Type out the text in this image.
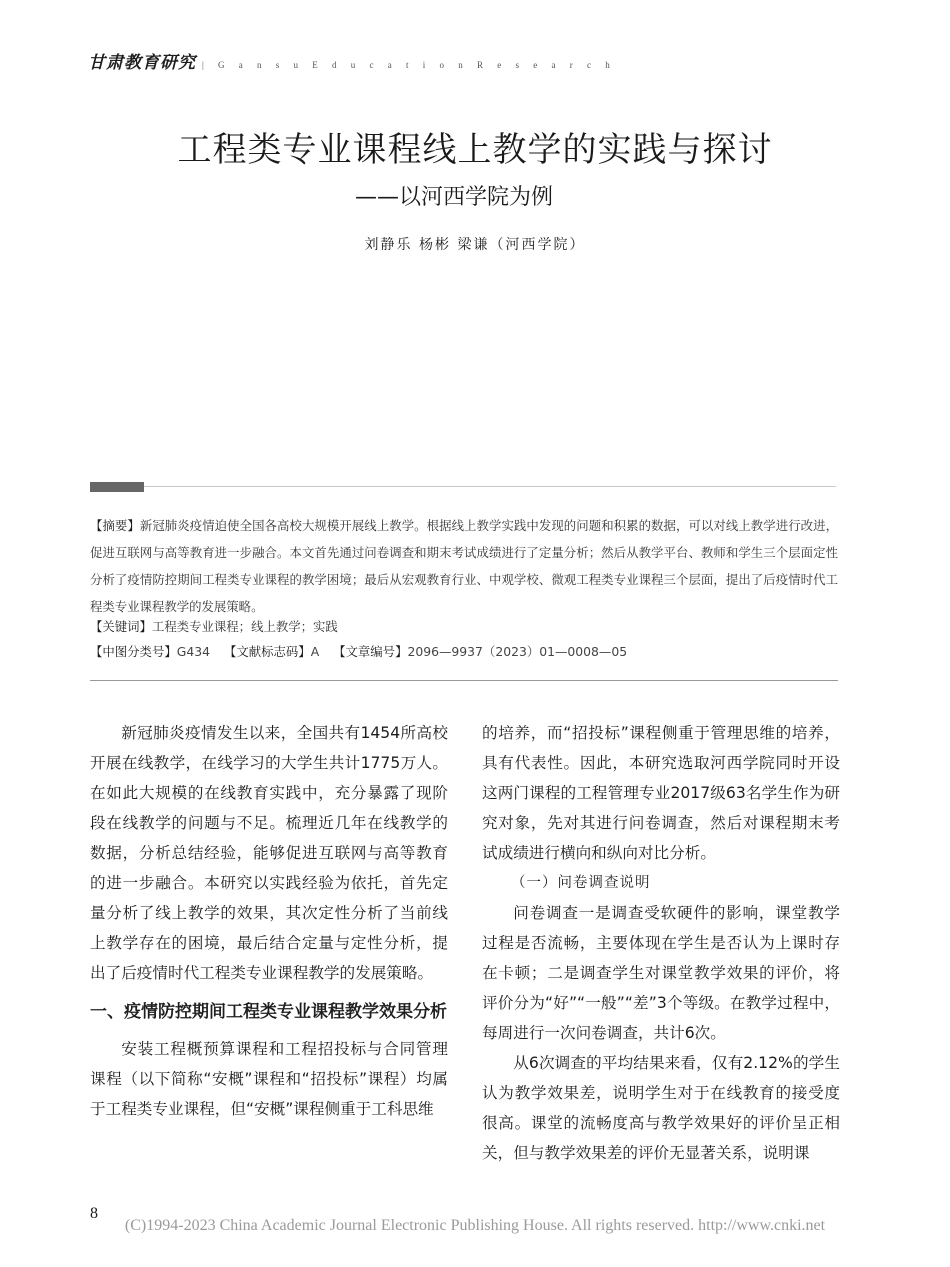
甘肃教育研究 | G a n s u E d u c a t i o n R e s e a r c h
工程类专业课程线上教学的实践与探讨
——以河西学院为例
刘静乐 杨彬 梁谦（河西学院）
【摘要】新冠肺炎疫情迫使全国各高校大规模开展线上教学。根据线上教学实践中发现的问题和积累的数据，可以对线上教学进行改进，促进互联网与高等教育进一步融合。本文首先通过问卷调查和期末考试成绩进行了定量分析；然后从教学平台、教师和学生三个层面定性分析了疫情防控期间工程类专业课程的教学困境；最后从宏观教育行业、中观学校、微观工程类专业课程三个层面，提出了后疫情时代工程类专业课程教学的发展策略。
【关键词】工程类专业课程；线上教学；实践
【中图分类号】G434 【文献标志码】A 【文章编号】2096—9937（2023）01—0008—05

新冠肺炎疫情发生以来，全国共有1454所高校开展在线教学，在线学习的大学生共计1775万人。在如此大规模的在线教育实践中，充分暴露了现阶段在线教学的问题与不足。梳理近几年在线教学的数据，分析总结经验，能够促进互联网与高等教育的进一步融合。本研究以实践经验为依托，首先定量分析了线上教学的效果，其次定性分析了当前线上教学存在的困境，最后结合定量与定性分析，提出了后疫情时代工程类专业课程教学的发展策略。

一、疫情防控期间工程类专业课程教学效果分析

安装工程概预算课程和工程招投标与合同管理课程（以下简称“安概”课程和“招投标”课程）均属于工程类专业课程，但“安概”课程侧重于工科思维

的培养，而“招投标”课程侧重于管理思维的培养，具有代表性。因此，本研究选取河西学院同时开设这两门课程的工程管理专业2017级63名学生作为研究对象，先对其进行问卷调查，然后对课程期末考试成绩进行横向和纵向对比分析。

（一）问卷调查说明

问卷调查一是调查受软硬件的影响，课堂教学过程是否流畅，主要体现在学生是否认为上课时存在卡顿；二是调查学生对课堂教学效果的评价，将评价分为“好”“一般”“差”3个等级。在教学过程中，每周进行一次问卷调查，共计6次。

从6次调查的平均结果来看，仅有2.12%的学生认为教学效果差，说明学生对于在线教育的接受度很高。课堂的流畅度高与教学效果好的评价呈正相关，但与教学效果差的评价无显著关系，说明课

8
(C)1994-2023 China Academic Journal Electronic Publishing House. All rights reserved. http://www.cnki.net
